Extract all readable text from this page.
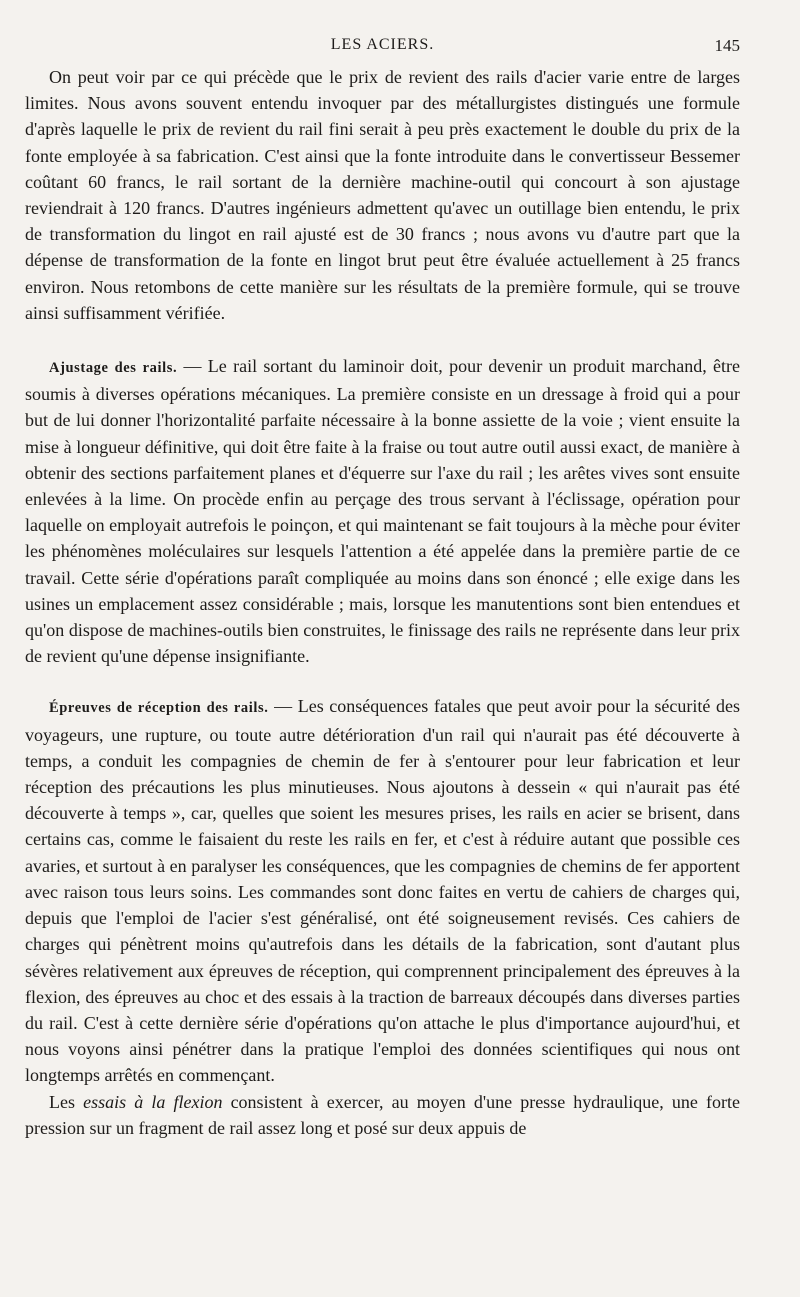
LES ACIERS.	145

On peut voir par ce qui précède que le prix de revient des rails d'acier varie entre de larges limites. Nous avons souvent entendu invoquer par des métallurgistes distingués une formule d'après laquelle le prix de revient du rail fini serait à peu près exactement le double du prix de la fonte employée à sa fabrication. C'est ainsi que la fonte introduite dans le convertisseur Bessemer coûtant 60 francs, le rail sortant de la dernière machine-outil qui concourt à son ajustage reviendrait à 120 francs. D'autres ingénieurs admettent qu'avec un outillage bien entendu, le prix de transformation du lingot en rail ajusté est de 30 francs ; nous avons vu d'autre part que la dépense de transformation de la fonte en lingot brut peut être évaluée actuellement à 25 francs environ. Nous retombons de cette manière sur les résultats de la première formule, qui se trouve ainsi suffisamment vérifiée.

Ajustage des rails. — Le rail sortant du laminoir doit, pour devenir un produit marchand, être soumis à diverses opérations mécaniques. La première consiste en un dressage à froid qui a pour but de lui donner l'horizontalité parfaite nécessaire à la bonne assiette de la voie ; vient ensuite la mise à longueur définitive, qui doit être faite à la fraise ou tout autre outil aussi exact, de manière à obtenir des sections parfaitement planes et d'équerre sur l'axe du rail ; les arêtes vives sont ensuite enlevées à la lime. On procède enfin au perçage des trous servant à l'éclissage, opération pour laquelle on employait autrefois le poinçon, et qui maintenant se fait toujours à la mèche pour éviter les phénomènes moléculaires sur lesquels l'attention a été appelée dans la première partie de ce travail. Cette série d'opérations paraît compliquée au moins dans son énoncé ; elle exige dans les usines un emplacement assez considérable ; mais, lorsque les manutentions sont bien entendues et qu'on dispose de machines-outils bien construites, le finissage des rails ne représente dans leur prix de revient qu'une dépense insignifiante.

Épreuves de réception des rails. — Les conséquences fatales que peut avoir pour la sécurité des voyageurs, une rupture, ou toute autre détérioration d'un rail qui n'aurait pas été découverte à temps, a conduit les compagnies de chemin de fer à s'entourer pour leur fabrication et leur réception des précautions les plus minutieuses. Nous ajoutons à dessein « qui n'aurait pas été découverte à temps », car, quelles que soient les mesures prises, les rails en acier se brisent, dans certains cas, comme le faisaient du reste les rails en fer, et c'est à réduire autant que possible ces avaries, et surtout à en paralyser les conséquences, que les compagnies de chemins de fer apportent avec raison tous leurs soins. Les commandes sont donc faites en vertu de cahiers de charges qui, depuis que l'emploi de l'acier s'est généralisé, ont été soigneusement revisés. Ces cahiers de charges qui pénètrent moins qu'autrefois dans les détails de la fabrication, sont d'autant plus sévères relativement aux épreuves de réception, qui comprennent principalement des épreuves à la flexion, des épreuves au choc et des essais à la traction de barreaux découpés dans diverses parties du rail. C'est à cette dernière série d'opérations qu'on attache le plus d'importance aujourd'hui, et nous voyons ainsi pénétrer dans la pratique l'emploi des données scientifiques qui nous ont longtemps arrêtés en commençant.

Les essais à la flexion consistent à exercer, au moyen d'une presse hydraulique, une forte pression sur un fragment de rail assez long et posé sur deux appuis de
